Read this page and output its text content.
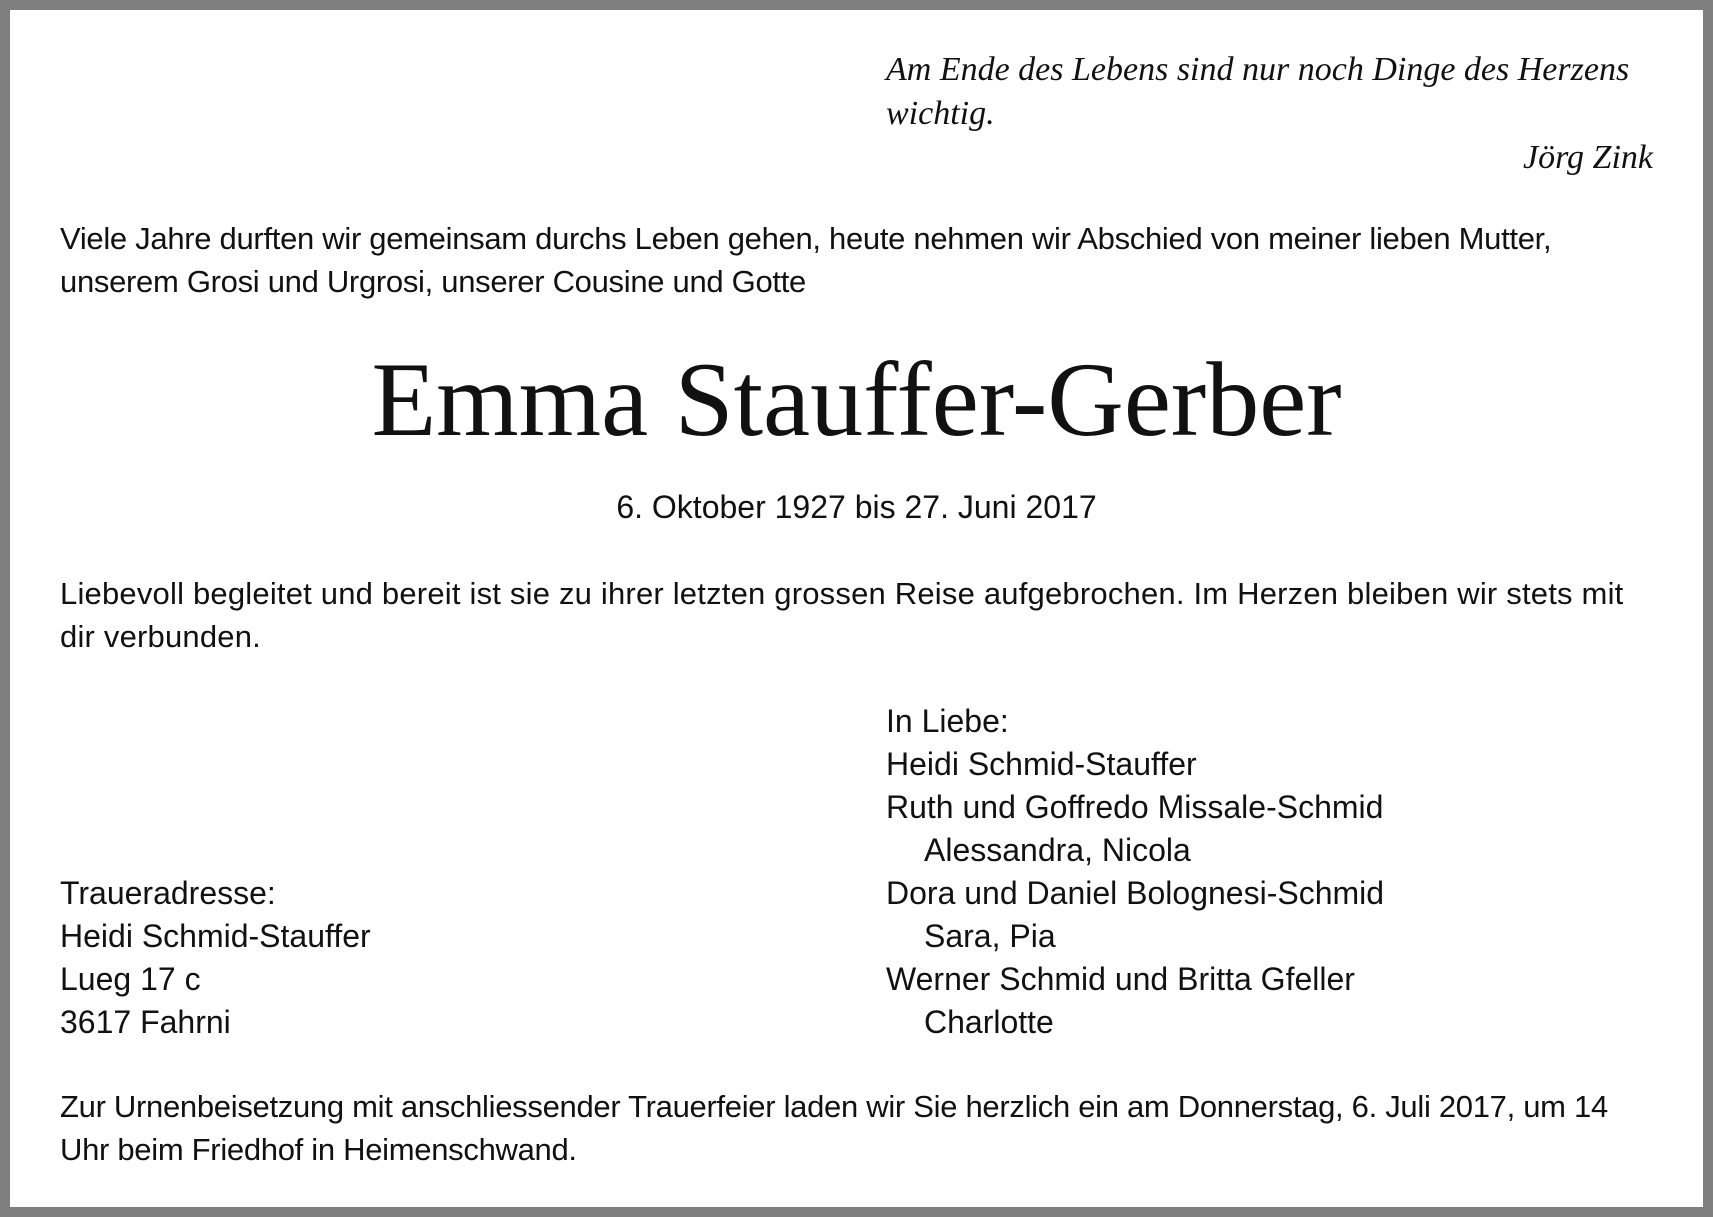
Am Ende des Lebens sind nur noch Dinge des Herzens wichtig.
Jörg Zink
Viele Jahre durften wir gemeinsam durchs Leben gehen, heute nehmen wir Abschied von meiner lieben Mutter, unserem Grosi und Urgrosi, unserer Cousine und Gotte
Emma Stauffer-Gerber
6. Oktober 1927 bis 27. Juni 2017
Liebevoll begleitet und bereit ist sie zu ihrer letzten grossen Reise aufgebrochen. Im Herzen bleiben wir stets mit dir verbunden.
Traueradresse:
Heidi Schmid-Stauffer
Lueg 17 c
3617 Fahrni
In Liebe:
Heidi Schmid-Stauffer
Ruth und Goffredo Missale-Schmid
Alessandra, Nicola
Dora und Daniel Bolognesi-Schmid
Sara, Pia
Werner Schmid und Britta Gfeller
Charlotte
Zur Urnenbeisetzung mit anschliessender Trauerfeier laden wir Sie herzlich ein am Donnerstag, 6. Juli 2017, um 14 Uhr beim Friedhof in Heimenschwand.
